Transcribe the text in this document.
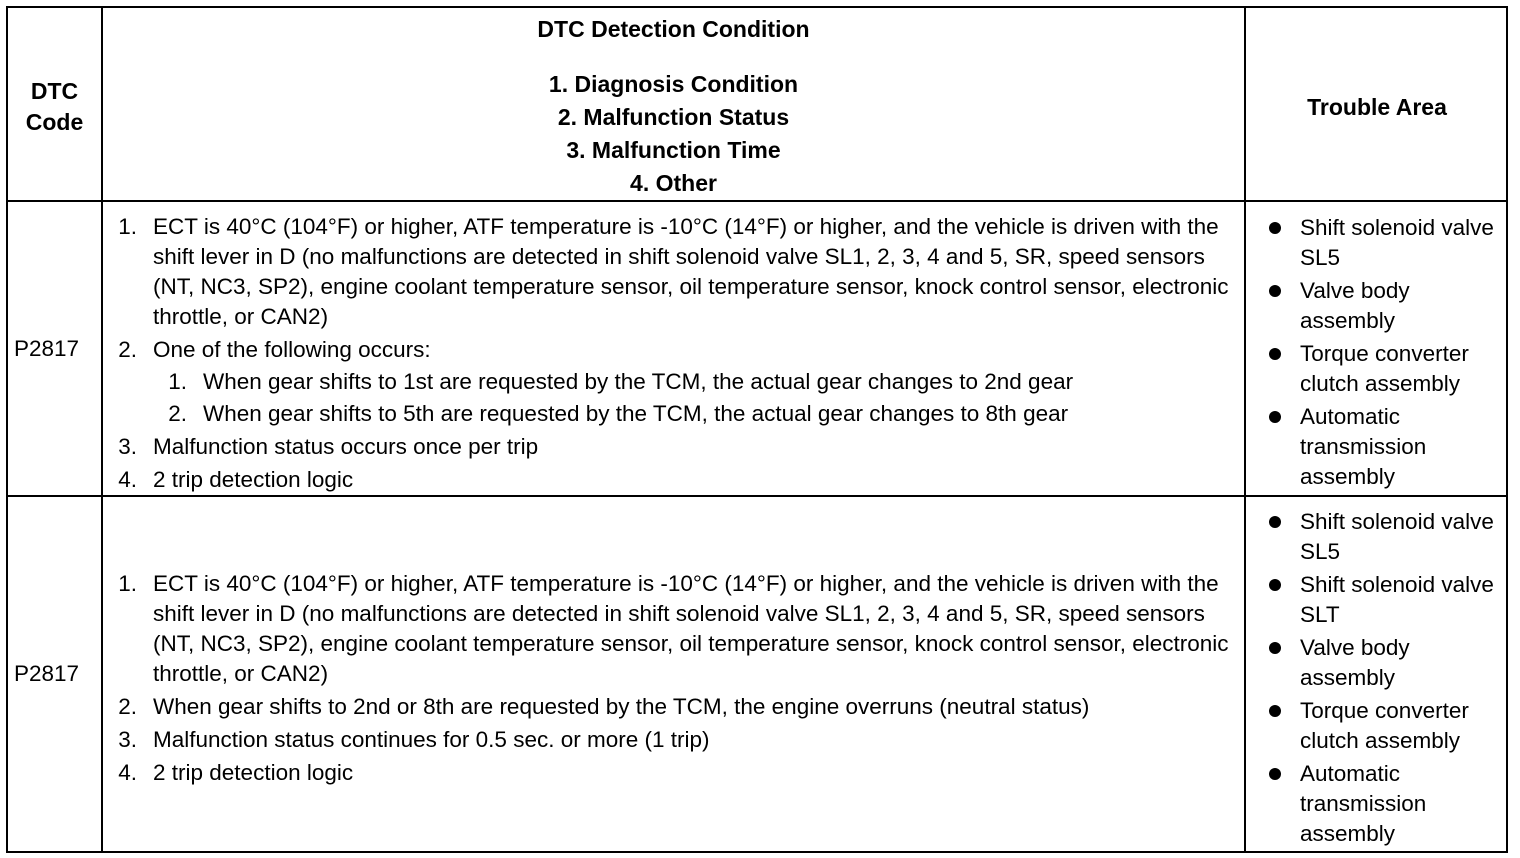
DTC
Code
DTC Detection Condition
1. Diagnosis Condition
2. Malfunction Status
3. Malfunction Time
4. Other
Trouble Area
P2817
1. ECT is 40°C (104°F) or higher, ATF temperature is -10°C (14°F) or higher, and the vehicle is driven with the shift lever in D (no malfunctions are detected in shift solenoid valve SL1, 2, 3, 4 and 5, SR, speed sensors (NT, NC3, SP2), engine coolant temperature sensor, oil temperature sensor, knock control sensor, electronic throttle, or CAN2)
2. One of the following occurs:
1. When gear shifts to 1st are requested by the TCM, the actual gear changes to 2nd gear
2. When gear shifts to 5th are requested by the TCM, the actual gear changes to 8th gear
3. Malfunction status occurs once per trip
4. 2 trip detection logic
Shift solenoid valve SL5
Valve body assembly
Torque converter clutch assembly
Automatic transmission assembly
P2817
1. ECT is 40°C (104°F) or higher, ATF temperature is -10°C (14°F) or higher, and the vehicle is driven with the shift lever in D (no malfunctions are detected in shift solenoid valve SL1, 2, 3, 4 and 5, SR, speed sensors (NT, NC3, SP2), engine coolant temperature sensor, oil temperature sensor, knock control sensor, electronic throttle, or CAN2)
2. When gear shifts to 2nd or 8th are requested by the TCM, the engine overruns (neutral status)
3. Malfunction status continues for 0.5 sec. or more (1 trip)
4. 2 trip detection logic
Shift solenoid valve SL5
Shift solenoid valve SLT
Valve body assembly
Torque converter clutch assembly
Automatic transmission assembly
